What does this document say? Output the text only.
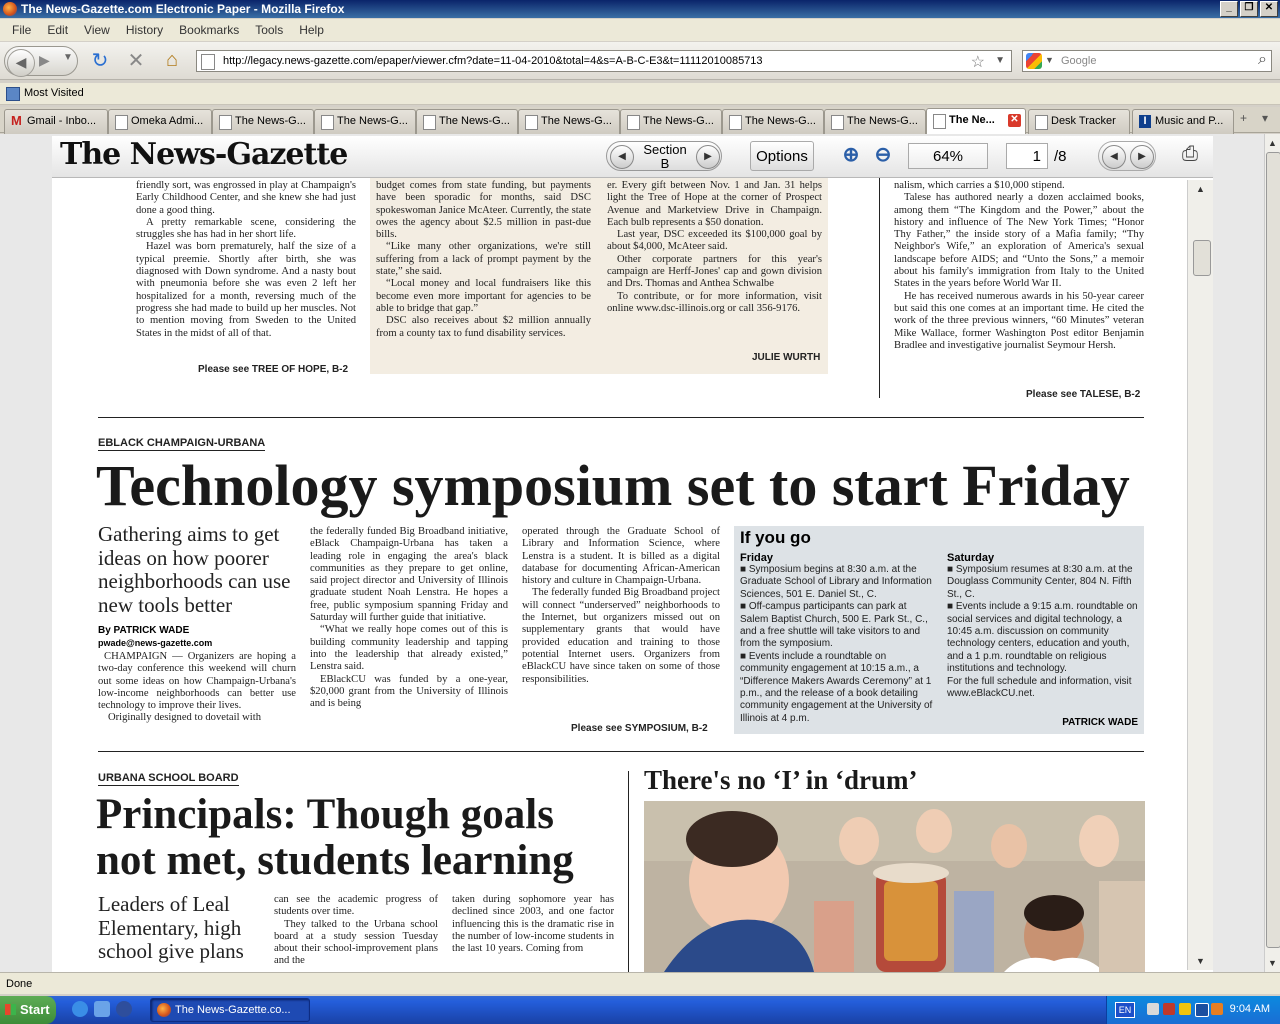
The News-Gazette.com Electronic Paper - Mozilla Firefox	_	❐	✕
File	Edit	View	History	Bookmarks	Tools	Help
◀ ▶ ▼ ↻ ✕ ⌂	http://legacy.news-gazette.com/epaper/viewer.cfm?date=11-04-2010&total=4&s=A-B-C-E3&t=11112010085713	☆ ▼	▼ Google	⌕
Most Visited
M Gmail - Inbo...	Omeka Admi...	The News-G...	The News-G...	The News-G...	The News-G...	The News-G...	The News-G...	The News-G...	The Ne... ✕	Desk Tracker	I Music and P... + ▾
The News-Gazette	◀	Section
B	▶	Options	⊕ ⊖	64%	1 /8	◀	▶	⎙

friendly sort, was engrossed in play at Champaign's Early Childhood Center, and she knew she had just done a good thing.

A pretty remarkable scene, considering the struggles she has had in her short life.

Hazel was born prematurely, half the size of a typical preemie. Shortly after birth, she was diagnosed with Down syndrome. And a nasty bout with pneumonia before she was even 2 left her hospitalized for a month, reversing much of the progress she had made to build up her muscles. Not to mention moving from Sweden to the United States in the midst of all of that.

Please see TREE OF HOPE, B-2

budget comes from state funding, but payments have been sporadic for months, said DSC spokeswoman Janice McAteer. Currently, the state owes the agency about $2.5 million in past-due bills.

“Like many other organizations, we're still suffering from a lack of prompt payment by the state,” she said.

“Local money and local fundraisers like this become even more important for agencies to be able to bridge that gap.”

DSC also receives about $2 million annually from a county tax to fund disability services.

er. Every gift between Nov. 1 and Jan. 31 helps light the Tree of Hope at the corner of Prospect Avenue and Marketview Drive in Champaign. Each bulb represents a $50 donation.

Last year, DSC exceeded its $100,000 goal by about $4,000, McAteer said.

Other corporate partners for this year's campaign are Herff-Jones' cap and gown division and Drs. Thomas and Anthea Schwalbe

To contribute, or for more information, visit online www.dsc-illinois.org or call 356-9176.

JULIE WURTH

nalism, which carries a $10,000 stipend.

Talese has authored nearly a dozen acclaimed books, among them “The Kingdom and the Power,” about the history and influence of The New York Times; “Honor Thy Father,” the inside story of a Mafia family; “Thy Neighbor's Wife,” an exploration of America's sexual landscape before AIDS; and “Unto the Sons,” a memoir about his family's immigration from Italy to the United States in the years before World War II.

He has received numerous awards in his 50-year career but said this one comes at an important time. He cited the work of the three previous winners, “60 Minutes” veteran Mike Wallace, former Washington Post editor Benjamin Bradlee and investigative journalist Seymour Hersh.

Please see TALESE, B-2
EBLACK CHAMPAIGN-URBANA
Technology symposium set to start Friday
Gathering aims to get ideas on how poorer neighborhoods can use new tools better
By PATRICK WADE
pwade@news-gazette.com

CHAMPAIGN — Organizers are hoping a two-day conference this weekend will churn out some ideas on how Champaign-Urbana's low-income neighborhoods can better use technology to improve their lives.

Originally designed to dovetail with

the federally funded Big Broadband initiative, eBlack Champaign-Urbana has taken a leading role in engaging the area's black communities as they prepare to get online, said project director and University of Illinois graduate student Noah Lenstra. He hopes a free, public symposium spanning Friday and Saturday will further guide that initiative.

“What we really hope comes out of this is building community leadership and tapping into the leadership that already existed,” Lenstra said.

EBlackCU was funded by a one-year, $20,000 grant from the University of Illinois and is being

operated through the Graduate School of Library and Information Science, where Lenstra is a student. It is billed as a digital database for documenting African-American history and culture in Champaign-Urbana.

The federally funded Big Broadband project will connect “underserved” neighborhoods to the Internet, but organizers missed out on supplementary grants that would have provided education and training to those potential Internet users. Organizers from eBlackCU have since taken on some of those responsibilities.

Please see SYMPOSIUM, B-2
If you go
Friday
■ Symposium begins at 8:30 a.m. at the Graduate School of Library and Information Sciences, 501 E. Daniel St., C.
■ Off-campus participants can park at Salem Baptist Church, 500 E. Park St., C., and a free shuttle will take visitors to and from the symposium.
■ Events include a roundtable on community engagement at 10:15 a.m., a “Difference Makers Awards Ceremony” at 1 p.m., and the release of a book detailing community engagement at the University of Illinois at 4 p.m.
Saturday
■ Symposium resumes at 8:30 a.m. at the Douglass Community Center, 804 N. Fifth St., C.
■ Events include a 9:15 a.m. roundtable on social services and digital technology, a 10:45 a.m. discussion on community technology centers, education and youth, and a 1 p.m. roundtable on religious institutions and technology.
For the full schedule and information, visit www.eBlackCU.net.
PATRICK WADE
URBANA SCHOOL BOARD
Principals: Though goals
not met, students learning
Leaders of Leal Elementary, high school give plans

can see the academic progress of students over time.

They talked to the Urbana school board at a study session Tuesday about their school-improvement plans and the

taken during sophomore year has declined since 2003, and one factor influencing this is the dramatic rise in the number of low-income students in the last 10 years. Coming from

There's no ‘I’ in ‘drum’
▲
▼
▲
▼
Done
Start	The News-Gazette.co...	EN	9:04 AM
